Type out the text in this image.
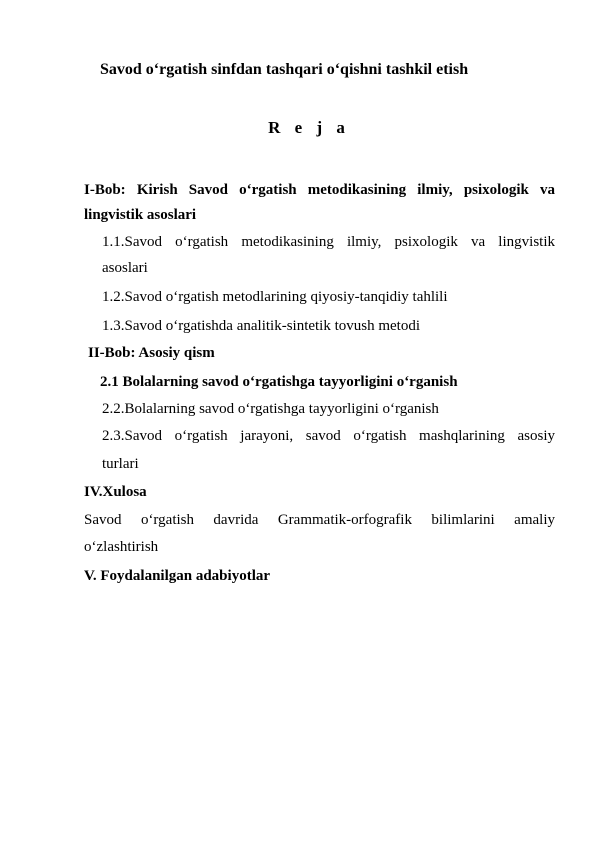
Savod o‘rgatish sinfdan tashqari o‘qishni tashkil etish
R e j a
I-Bob: Kirish Savod o‘rgatish metodikasining ilmiy, psixologik va
lingvistik asoslari
1.1.Savod o‘rgatish metodikasining ilmiy, psixologik va lingvistik
asoslari
1.2.Savod o‘rgatish metodlarining qiyosiy-tanqidiy tahlili
1.3.Savod o‘rgatishda analitik-sintetik tovush metodi
II-Bob: Asosiy qism
2.1 Bolalarning savod o‘rgatishga tayyorligini o‘rganish
2.2.Bolalarning savod o‘rgatishga tayyorligini o‘rganish
2.3.Savod o‘rgatish jarayoni, savod o‘rgatish mashqlarining asosiy
turlari
IV.Xulosa
Savod o‘rgatish davrida Grammatik-orfografik bilimlarini amaliy
o‘zlashtirish
V. Foydalanilgan adabiyotlar
